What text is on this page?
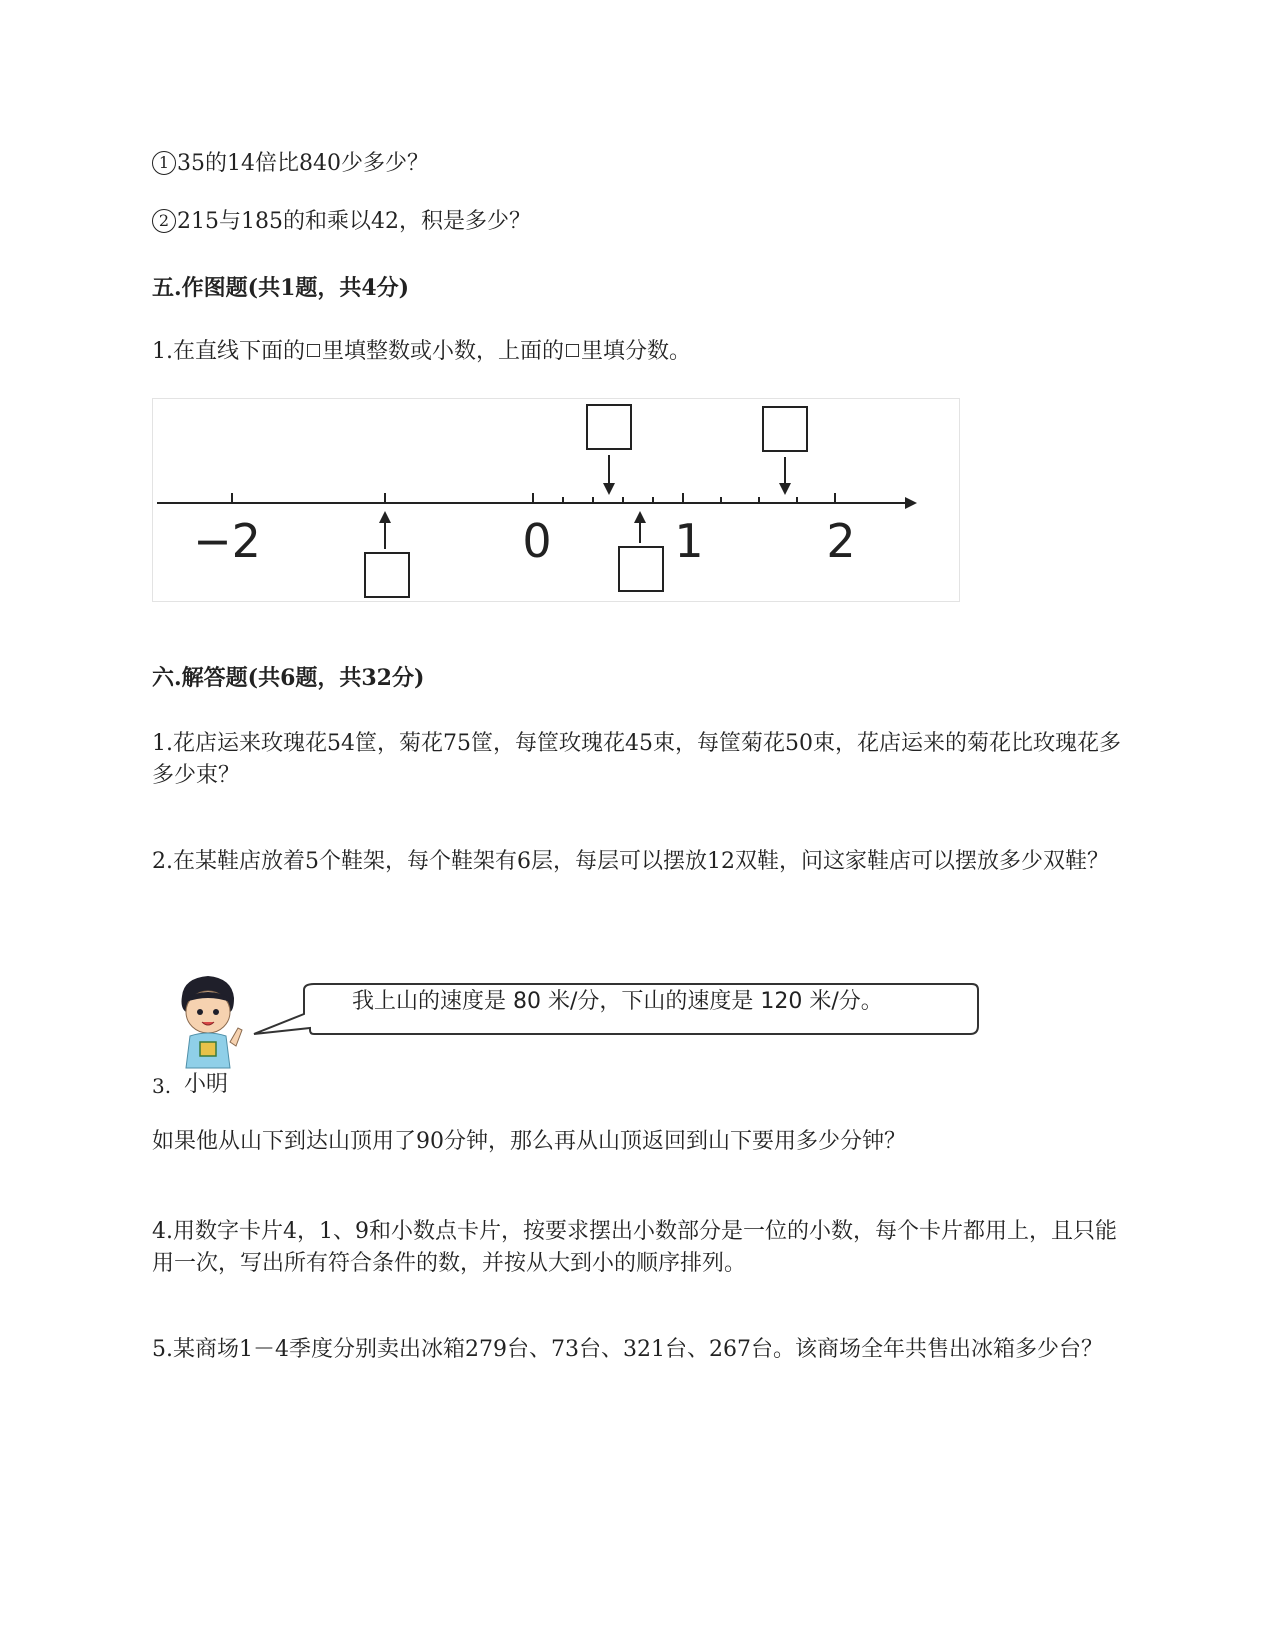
1 35的14倍比840少多少？
2 215与185的和乘以42，积是多少？
五.作图题(共1题，共4分)
1.在直线下面的 里填整数或小数，上面的 里填分数。
−2	0	1	2
六.解答题(共6题，共32分)
1.花店运来玫瑰花54筐，菊花75筐，每筐玫瑰花45束，每筐菊花50束，花店运来的菊花比玫瑰花多多少束？
2.在某鞋店放着5个鞋架，每个鞋架有6层，每层可以摆放12双鞋，问这家鞋店可以摆放多少双鞋？
我上山的速度是 80 米/分，下山的速度是 120 米/分。
小明
3.
如果他从山下到达山顶用了90分钟，那么再从山顶返回到山下要用多少分钟？
4.用数字卡片4，1、9和小数点卡片，按要求摆出小数部分是一位的小数，每个卡片都用上，且只能用一次，写出所有符合条件的数，并按从大到小的顺序排列。
5.某商场1－4季度分别卖出冰箱279台、73台、321台、267台。该商场全年共售出冰箱多少台？
